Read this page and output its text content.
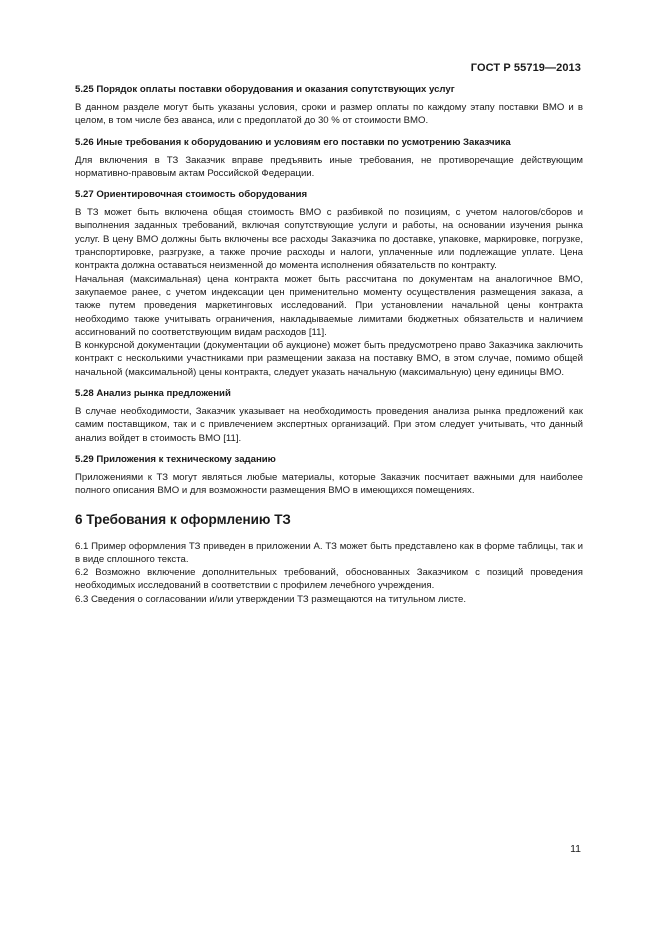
ГОСТ Р 55719—2013

5.25 Порядок оплаты поставки оборудования и оказания сопутствующих услуг

В данном разделе могут быть указаны условия, сроки и размер оплаты по каждому этапу поставки ВМО и в целом, в том числе без аванса, или с предоплатой до 30 % от стоимости ВМО.

5.26 Иные требования к оборудованию и условиям его поставки по усмотрению Заказчика

Для включения в ТЗ Заказчик вправе предъявить иные требования, не противоречащие действующим нормативно-правовым актам Российской Федерации.

5.27 Ориентировочная стоимость оборудования

В ТЗ может быть включена общая стоимость ВМО с разбивкой по позициям, с учетом налогов/сборов и выполнения заданных требований, включая сопутствующие услуги и работы, на основании изучения рынка услуг. В цену ВМО должны быть включены все расходы Заказчика по доставке, упаковке, маркировке, погрузке, транспортировке, разгрузке, а также прочие расходы и налоги, уплаченные или подлежащие уплате. Цена контракта должна оставаться неизменной до момента исполнения обязательств по контракту.

Начальная (максимальная) цена контракта может быть рассчитана по документам на аналогичное ВМО, закупаемое ранее, с учетом индексации цен применительно моменту осуществления размещения заказа, а также путем проведения маркетинговых исследований. При установлении начальной цены контракта необходимо также учитывать ограничения, накладываемые лимитами бюджетных обязательств и наличием ассигнований по соответствующим видам расходов [11].

В конкурсной документации (документации об аукционе) может быть предусмотрено право Заказчика заключить контракт с несколькими участниками при размещении заказа на поставку ВМО, в этом случае, помимо общей начальной (максимальной) цены контракта, следует указать начальную (максимальную) цену единицы ВМО.

5.28 Анализ рынка предложений

В случае необходимости, Заказчик указывает на необходимость проведения анализа рынка предложений как самим поставщиком, так и с привлечением экспертных организаций. При этом следует учитывать, что данный анализ войдет в стоимость ВМО [11].

5.29 Приложения к техническому заданию

Приложениями к ТЗ могут являться любые материалы, которые Заказчик посчитает важными для наиболее полного описания ВМО и для возможности размещения ВМО в имеющихся помещениях.

6 Требования к оформлению ТЗ

6.1 Пример оформления ТЗ приведен в приложении А. ТЗ может быть представлено как в форме таблицы, так и в виде сплошного текста.

6.2 Возможно включение дополнительных требований, обоснованных Заказчиком с позиций проведения необходимых исследований в соответствии с профилем лечебного учреждения.

6.3 Сведения о согласовании и/или утверждении ТЗ размещаются на титульном листе.

11
